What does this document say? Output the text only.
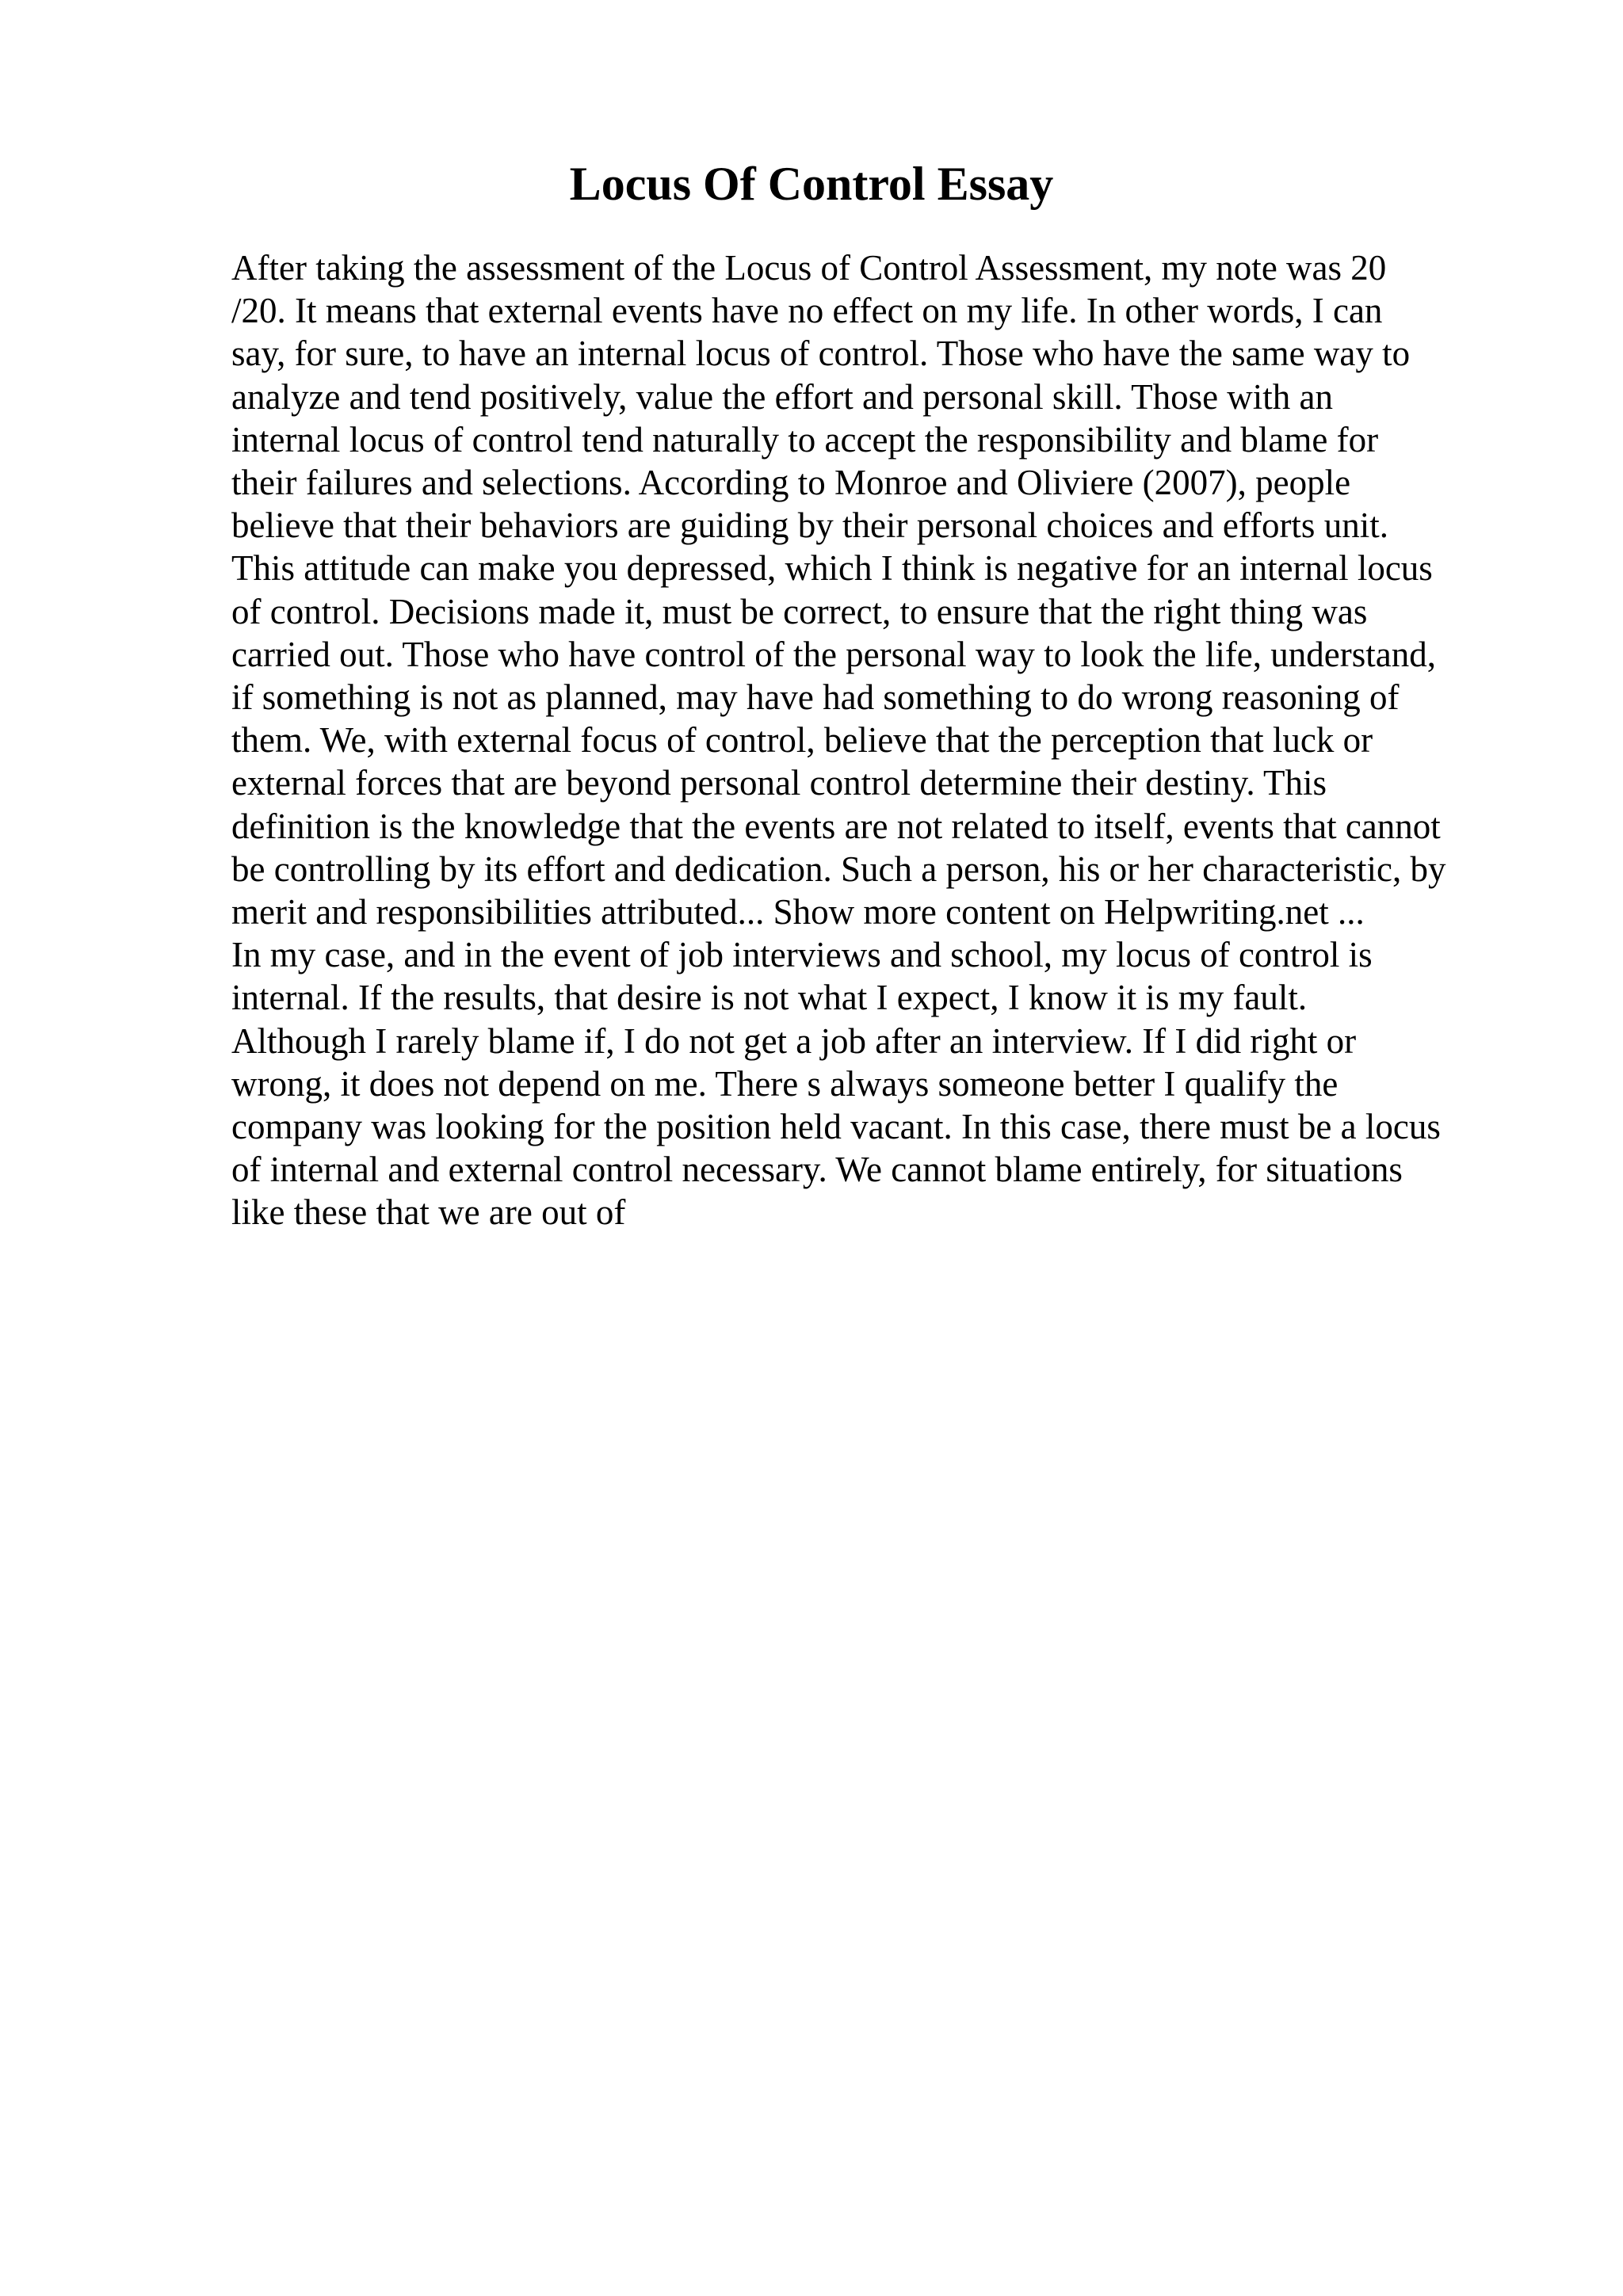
Locus Of Control Essay
After taking the assessment of the Locus of Control Assessment, my note was 20
/20. It means that external events have no effect on my life. In other words, I can
say, for sure, to have an internal locus of control. Those who have the same way to
analyze and tend positively, value the effort and personal skill. Those with an
internal locus of control tend naturally to accept the responsibility and blame for
their failures and selections. According to Monroe and Oliviere (2007), people
believe that their behaviors are guiding by their personal choices and efforts unit.
This attitude can make you depressed, which I think is negative for an internal locus
of control. Decisions made it, must be correct, to ensure that the right thing was
carried out. Those who have control of the personal way to look the life, understand,
if something is not as planned, may have had something to do wrong reasoning of
them. We, with external focus of control, believe that the perception that luck or
external forces that are beyond personal control determine their destiny. This
definition is the knowledge that the events are not related to itself, events that cannot
be controlling by its effort and dedication. Such a person, his or her characteristic, by
merit and responsibilities attributed... Show more content on Helpwriting.net ...
In my case, and in the event of job interviews and school, my locus of control is
internal. If the results, that desire is not what I expect, I know it is my fault.
Although I rarely blame if, I do not get a job after an interview. If I did right or
wrong, it does not depend on me. There s always someone better I qualify the
company was looking for the position held vacant. In this case, there must be a locus
of internal and external control necessary. We cannot blame entirely, for situations
like these that we are out of
